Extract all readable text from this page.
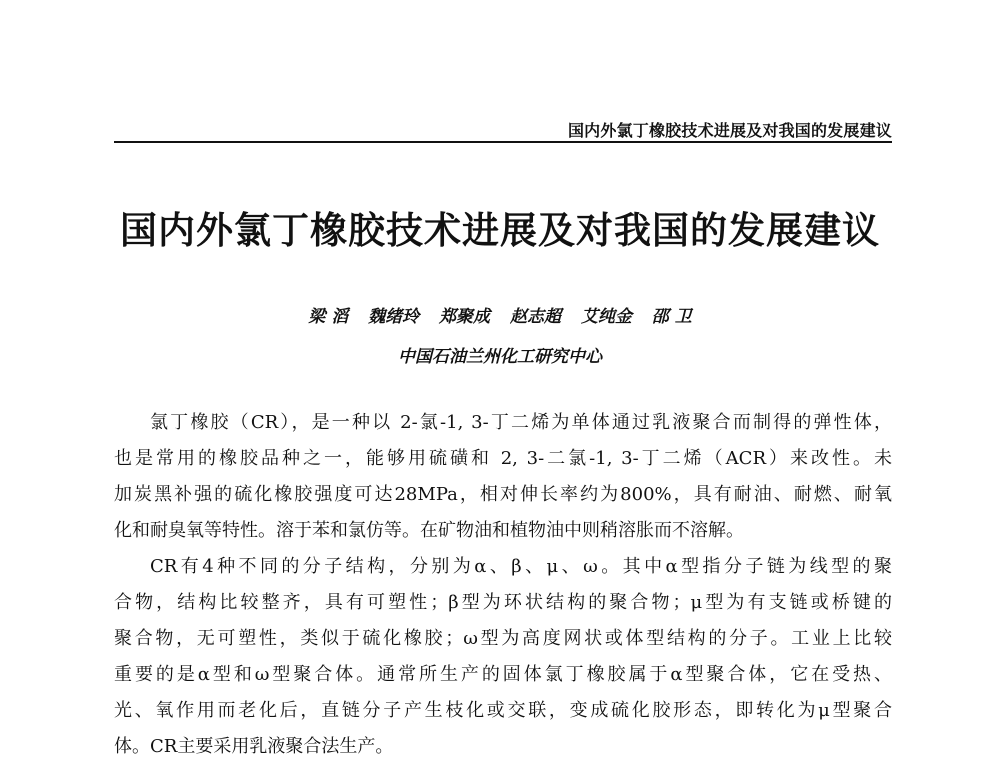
国内外氯丁橡胶技术进展及对我国的发展建议
国内外氯丁橡胶技术进展及对我国的发展建议
梁 滔 魏绪玲 郑聚成 赵志超 艾纯金 邵 卫
中国石油兰州化工研究中心
氯丁橡胶（CR），是一种以 2-氯-1, 3-丁二烯为单体通过乳液聚合而制得的弹性体，
也是常用的橡胶品种之一，能够用硫磺和 2, 3-二氯-1, 3-丁二烯（ACR）来改性。未
加炭黑补强的硫化橡胶强度可达28MPa，相对伸长率约为800%，具有耐油、耐燃、耐氧
化和耐臭氧等特性。溶于苯和氯仿等。在矿物油和植物油中则稍溶胀而不溶解。
CR有4种不同的分子结构，分别为α、β、μ、ω。其中α型指分子链为线型的聚
合物，结构比较整齐，具有可塑性；β型为环状结构的聚合物；μ型为有支链或桥键的
聚合物，无可塑性，类似于硫化橡胶；ω型为高度网状或体型结构的分子。工业上比较
重要的是α型和ω型聚合体。通常所生产的固体氯丁橡胶属于α型聚合体，它在受热、
光、氧作用而老化后，直链分子产生枝化或交联，变成硫化胶形态，即转化为μ型聚合
体。CR主要采用乳液聚合法生产。
